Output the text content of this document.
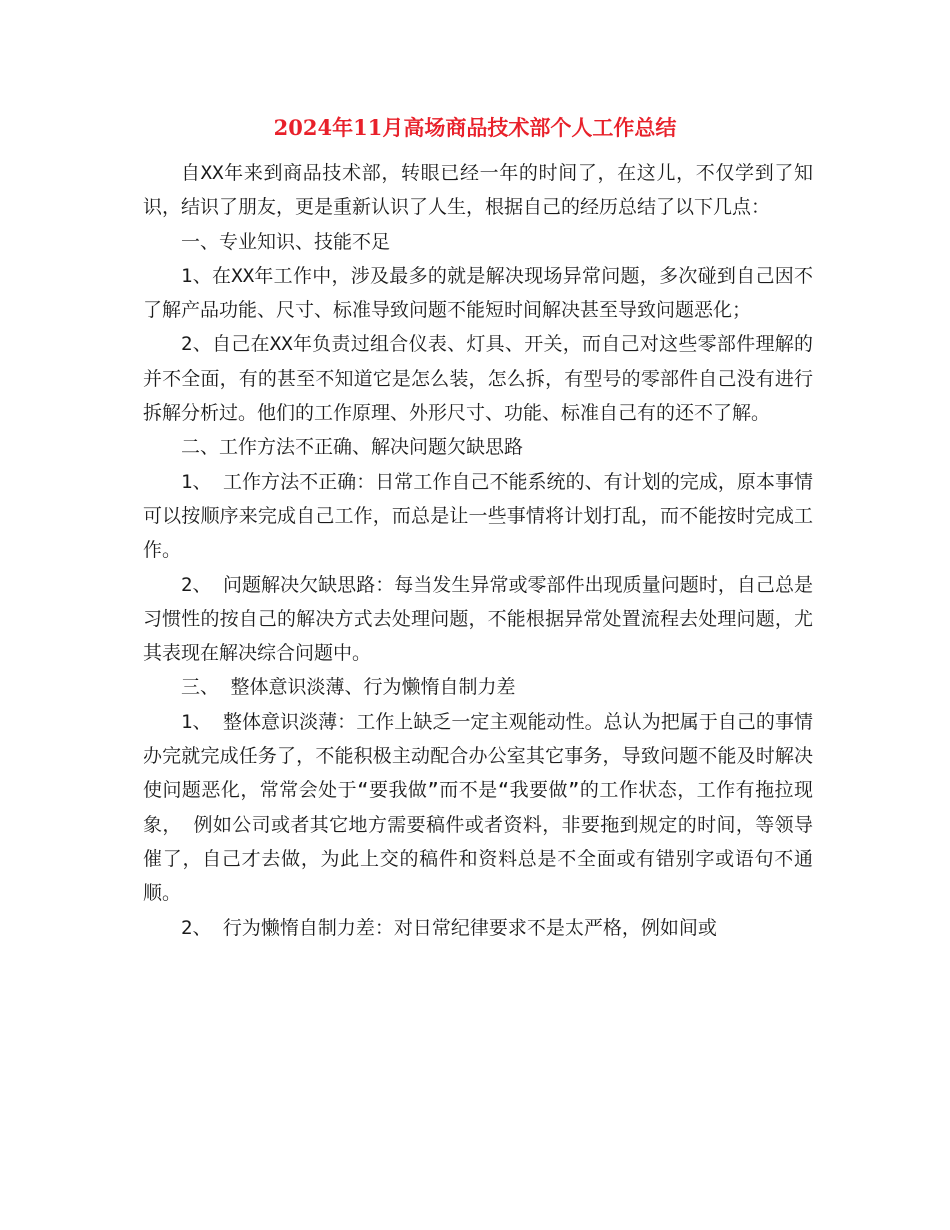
2024年11月高场商品技术部个人工作总结

自XX年来到商品技术部，转眼已经一年的时间了，在这儿，不仅学到了知识，结识了朋友，更是重新认识了人生，根据自己的经历总结了以下几点：

一、专业知识、技能不足

1、在XX年工作中，涉及最多的就是解决现场异常问题，多次碰到自己因不了解产品功能、尺寸、标准导致问题不能短时间解决甚至导致问题恶化；

2、自己在XX年负责过组合仪表、灯具、开关，而自己对这些零部件理解的并不全面，有的甚至不知道它是怎么装，怎么拆，有型号的零部件自己没有进行拆解分析过。他们的工作原理、外形尺寸、功能、标准自己有的还不了解。

二、工作方法不正确、解决问题欠缺思路

1、 工作方法不正确：日常工作自己不能系统的、有计划的完成，原本事情可以按顺序来完成自己工作，而总是让一些事情将计划打乱，而不能按时完成工作。

2、 问题解决欠缺思路：每当发生异常或零部件出现质量问题时，自己总是习惯性的按自己的解决方式去处理问题，不能根据异常处置流程去处理问题，尤其表现在解决综合问题中。

三、 整体意识淡薄、行为懒惰自制力差

1、 整体意识淡薄：工作上缺乏一定主观能动性。总认为把属于自己的事情办完就完成任务了，不能积极主动配合办公室其它事务，导致问题不能及时解决使问题恶化，常常会处于“要我做”而不是“我要做”的工作状态，工作有拖拉现象， 例如公司或者其它地方需要稿件或者资料，非要拖到规定的时间，等领导催了，自己才去做，为此上交的稿件和资料总是不全面或有错别字或语句不通顺。

2、 行为懒惰自制力差：对日常纪律要求不是太严格，例如间或
